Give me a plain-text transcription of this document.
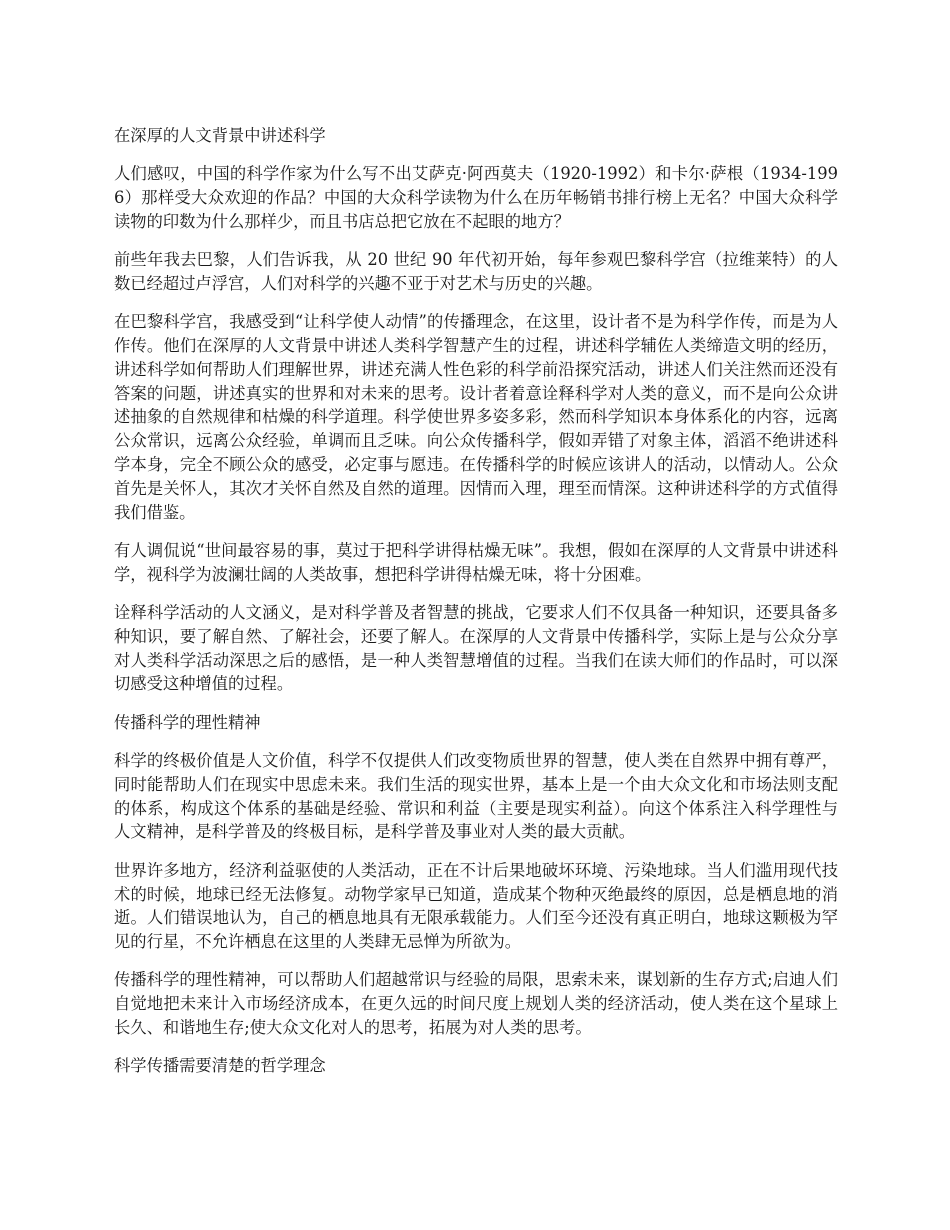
在深厚的人文背景中讲述科学

人们感叹，中国的科学作家为什么写不出艾萨克·阿西莫夫（1920-1992）和卡尔·萨根（1934-1996）那样受大众欢迎的作品？中国的大众科学读物为什么在历年畅销书排行榜上无名？中国大众科学读物的印数为什么那样少，而且书店总把它放在不起眼的地方？

前些年我去巴黎，人们告诉我，从 20 世纪 90 年代初开始，每年参观巴黎科学宫（拉维莱特）的人数已经超过卢浮宫，人们对科学的兴趣不亚于对艺术与历史的兴趣。

在巴黎科学宫，我感受到“让科学使人动情”的传播理念，在这里，设计者不是为科学作传，而是为人作传。他们在深厚的人文背景中讲述人类科学智慧产生的过程，讲述科学辅佐人类缔造文明的经历，讲述科学如何帮助人们理解世界，讲述充满人性色彩的科学前沿探究活动，讲述人们关注然而还没有答案的问题，讲述真实的世界和对未来的思考。设计者着意诠释科学对人类的意义，而不是向公众讲述抽象的自然规律和枯燥的科学道理。科学使世界多姿多彩，然而科学知识本身体系化的内容，远离公众常识，远离公众经验，单调而且乏味。向公众传播科学，假如弄错了对象主体，滔滔不绝讲述科学本身，完全不顾公众的感受，必定事与愿违。在传播科学的时候应该讲人的活动，以情动人。公众首先是关怀人，其次才关怀自然及自然的道理。因情而入理，理至而情深。这种讲述科学的方式值得我们借鉴。

有人调侃说“世间最容易的事，莫过于把科学讲得枯燥无味”。我想，假如在深厚的人文背景中讲述科学，视科学为波澜壮阔的人类故事，想把科学讲得枯燥无味，将十分困难。

诠释科学活动的人文涵义，是对科学普及者智慧的挑战，它要求人们不仅具备一种知识，还要具备多种知识，要了解自然、了解社会，还要了解人。在深厚的人文背景中传播科学，实际上是与公众分享对人类科学活动深思之后的感悟，是一种人类智慧增值的过程。当我们在读大师们的作品时，可以深切感受这种增值的过程。

传播科学的理性精神

科学的终极价值是人文价值，科学不仅提供人们改变物质世界的智慧，使人类在自然界中拥有尊严，同时能帮助人们在现实中思虑未来。我们生活的现实世界，基本上是一个由大众文化和市场法则支配的体系，构成这个体系的基础是经验、常识和利益（主要是现实利益）。向这个体系注入科学理性与人文精神，是科学普及的终极目标，是科学普及事业对人类的最大贡献。

世界许多地方，经济利益驱使的人类活动，正在不计后果地破坏环境、污染地球。当人们滥用现代技术的时候，地球已经无法修复。动物学家早已知道，造成某个物种灭绝最终的原因，总是栖息地的消逝。人们错误地认为，自己的栖息地具有无限承载能力。人们至今还没有真正明白，地球这颗极为罕见的行星，不允许栖息在这里的人类肆无忌惮为所欲为。

传播科学的理性精神，可以帮助人们超越常识与经验的局限，思索未来，谋划新的生存方式;启迪人们自觉地把未来计入市场经济成本，在更久远的时间尺度上规划人类的经济活动，使人类在这个星球上长久、和谐地生存;使大众文化对人的思考，拓展为对人类的思考。

科学传播需要清楚的哲学理念
